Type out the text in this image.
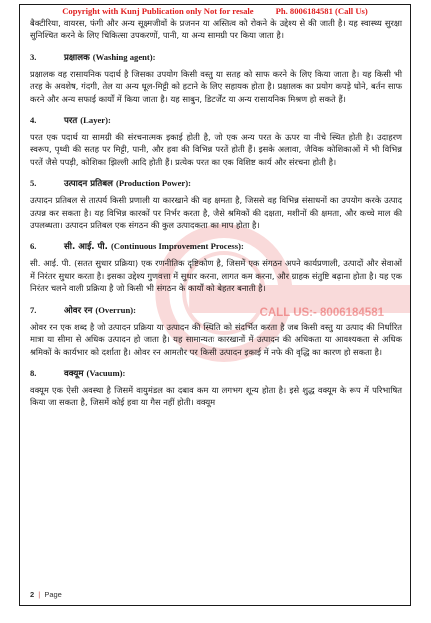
CALL US:- 8006184581
Copyright with Kunj Publication only Not for resale	Ph. 8006184581 (Call Us)

बैक्टीरिया, वायरस, फंगी और अन्य सूक्ष्मजीवों के प्रजनन या अस्तित्व को रोकने के उद्देश्य से की जाती है। यह स्वास्थ्य सुरक्षा सुनिश्चित करने के लिए चिकित्सा उपकरणों, पानी, या अन्य सामग्री पर किया जाता है।

3.	प्रक्षालक
(Washing agent):

प्रक्षालक वह रासायनिक पदार्थ है जिसका उपयोग किसी वस्तु या सतह को साफ करने के लिए किया जाता है। यह किसी भी तरह के अवशेष, गंदगी, तेल या अन्य धूल-मिट्टी को हटाने के लिए सहायक होता है। प्रक्षालक का प्रयोग कपड़े धोने, बर्तन साफ करने और अन्य सफाई कार्यों में किया जाता है। यह साबुन, डिटर्जेंट या अन्य रासायनिक मिश्रण हो सकते हैं।

4.	परत
(Layer):

परत एक पदार्थ या सामग्री की संरचनात्मक इकाई होती है, जो एक अन्य परत के ऊपर या नीचे स्थित होती है। उदाहरण स्वरूप, पृथ्वी की सतह पर मिट्टी, पानी, और हवा की विभिन्न परतें होती हैं। इसके अलावा, जैविक कोशिकाओं में भी विभिन्न परतें जैसे पपड़ी, कोशिका झिल्ली आदि होती हैं। प्रत्येक परत का एक विशिष्ट कार्य और संरचना होती है।

5.	उत्पादन प्रतिबल
(Production Power):

उत्पादन प्रतिबल से तात्पर्य किसी प्रणाली या कारखाने की वह क्षमता है, जिससे वह विभिन्न संसाधनों का उपयोग करके उत्पाद उत्पन्न कर सकता है। यह विभिन्न कारकों पर निर्भर करता है, जैसे श्रमिकों की दक्षता, मशीनों की क्षमता, और कच्चे माल की उपलब्धता। उत्पादन प्रतिबल एक संगठन की कुल उत्पादकता का माप होता है।

6.	सी. आई. पी.
(Continuous Improvement Process):

सी. आई. पी. (सतत सुधार प्रक्रिया) एक रणनीतिक दृष्टिकोण है, जिसमें एक संगठन अपने कार्यप्रणाली, उत्पादों और सेवाओं में निरंतर सुधार करता है। इसका उद्देश्य गुणवत्ता में सुधार करना, लागत कम करना, और ग्राहक संतुष्टि बढ़ाना होता है। यह एक निरंतर चलने वाली प्रक्रिया है जो किसी भी संगठन के कार्यों को बेहतर बनाती है।

7.	ओवर रन
(Overrun):

ओवर रन एक शब्द है जो उत्पादन प्रक्रिया या उत्पादन की स्थिति को संदर्भित करता है जब किसी वस्तु या उत्पाद की निर्धारित मात्रा या सीमा से अधिक उत्पादन हो जाता है। यह सामान्यतः कारखानों में उत्पादन की अधिकता या आवश्यकता से अधिक श्रमिकों के कार्यभार को दर्शाता है। ओवर रन आमतौर पर किसी उत्पादन इकाई में नफे की वृद्धि का कारण हो सकता है।

8.	वक्यूम
(Vacuum):

वक्यूम एक ऐसी अवस्था है जिसमें वायुमंडल का दबाव कम या लगभग शून्य होता है। इसे शुद्ध वक्यूम के रूप में परिभाषित किया जा सकता है, जिसमें कोई हवा या गैस नहीं होती। वक्यूम

2 | Page
